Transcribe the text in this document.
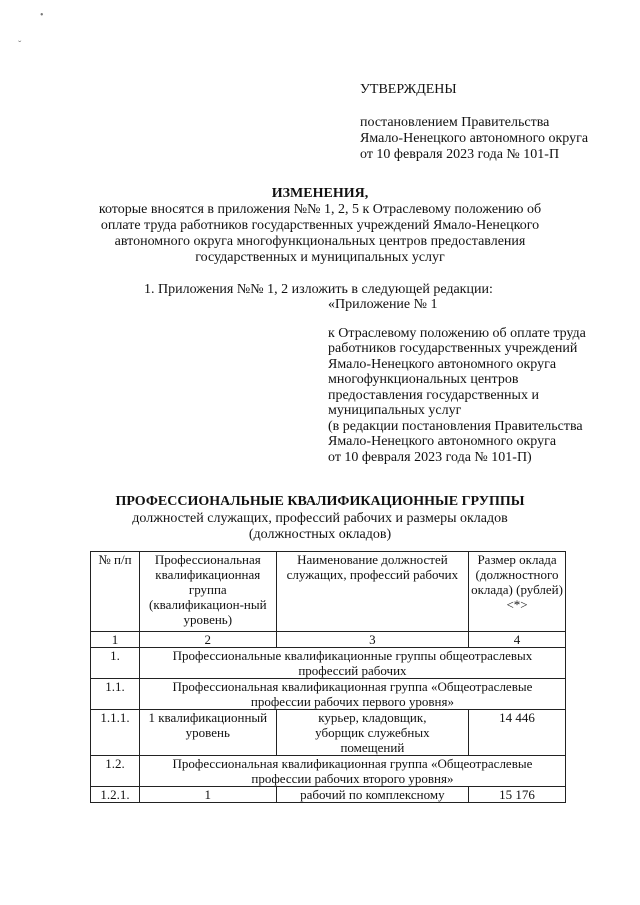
•
ˇ
УТВЕРЖДЕНЫ
постановлением Правительства
Ямало-Ненецкого автономного округа
от 10 февраля 2023 года № 101-П
ИЗМЕНЕНИЯ,
которые вносятся в приложения №№ 1, 2, 5 к Отраслевому положению об
оплате труда работников государственных учреждений Ямало-Ненецкого
автономного округа многофункциональных центров предоставления
государственных и муниципальных услуг
1. Приложения №№ 1, 2 изложить в следующей редакции:
«Приложение № 1
к Отраслевому положению об оплате труда
работников государственных учреждений
Ямало-Ненецкого автономного округа
многофункциональных центров
предоставления государственных и
муниципальных услуг
(в редакции постановления Правительства
Ямало-Ненецкого автономного округа
от 10 февраля 2023 года № 101-П)
ПРОФЕССИОНАЛЬНЫЕ КВАЛИФИКАЦИОННЫЕ ГРУППЫ
должностей служащих, профессий рабочих и размеры окладов
(должностных окладов)
№ п/п	Профессиональная квалификационная группа (квалификацион-ный уровень)	Наименование должностей служащих, профессий рабочих	Размер оклада (должностного оклада) (рублей) <*>
1	2	3	4
1.	Профессиональные квалификационные группы общеотраслевых профессий рабочих		
1.1.	Профессиональная квалификационная группа «Общеотраслевые профессии рабочих первого уровня»		
1.1.1.	1 квалификационный уровень	курьер, кладовщик, уборщик служебных помещений	14 446
1.2.	Профессиональная квалификационная группа «Общеотраслевые профессии рабочих второго уровня»		
1.2.1.	1	рабочий по комплексному	15 176
